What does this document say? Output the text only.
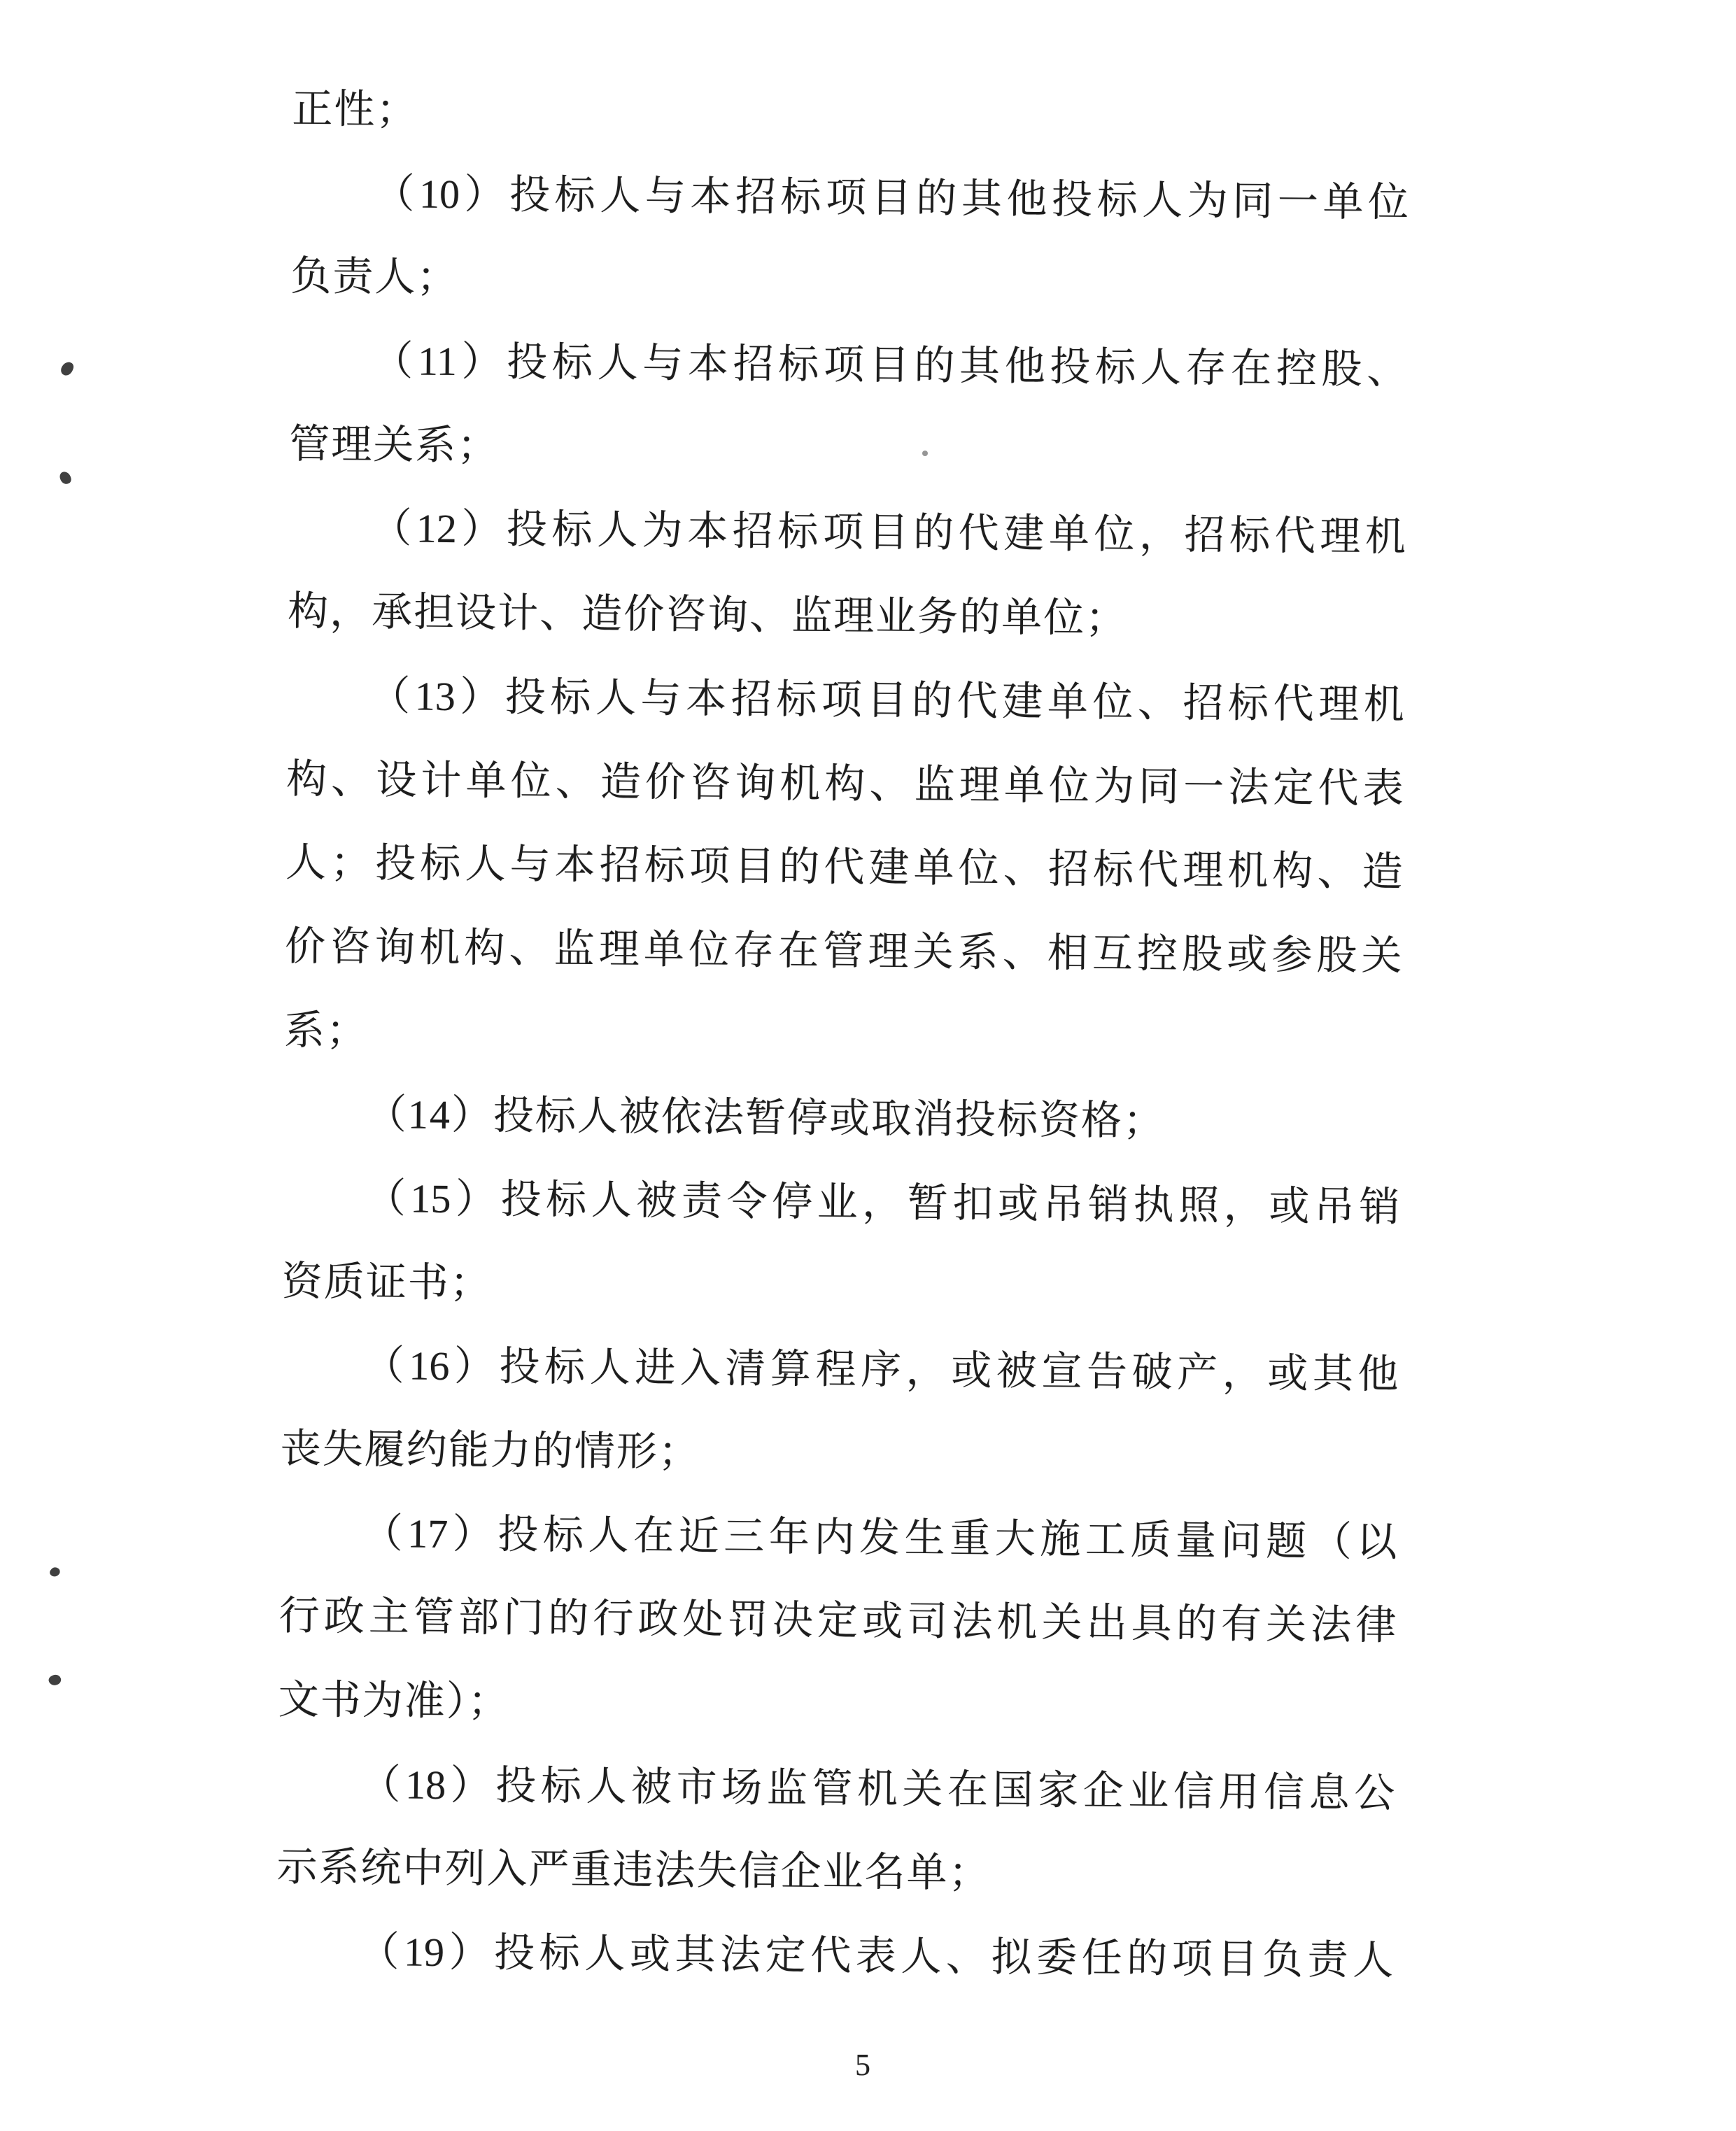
正性；
（ 10 ） 投 标 人 与 本 招 标 项 目 的 其 他 投 标 人 为 同 一 单 位
负责人；
（ 11 ） 投 标 人 与 本 招 标 项 目 的 其 他 投 标 人 存 在 控 股 、
管理关系；
（ 12 ） 投 标 人 为 本 招 标 项 目 的 代 建 单 位 ， 招 标 代 理 机
构，承担设计、造价咨询、监理业务的单位；
（ 13 ） 投 标 人 与 本 招 标 项 目 的 代 建 单 位 、 招 标 代 理 机
构 、 设 计 单 位 、 造 价 咨 询 机 构 、 监 理 单 位 为 同 一 法 定 代 表
人 ； 投 标 人 与 本 招 标 项 目 的 代 建 单 位 、 招 标 代 理 机 构 、 造
价 咨 询 机 构 、 监 理 单 位 存 在 管 理 关 系 、 相 互 控 股 或 参 股 关
系；
（14）投标人被依法暂停或取消投标资格；
（ 15 ） 投 标 人 被 责 令 停 业 ， 暂 扣 或 吊 销 执 照 ， 或 吊 销
资质证书；
（ 16 ） 投 标 人 进 入 清 算 程 序 ， 或 被 宣 告 破 产 ， 或 其 他
丧失履约能力的情形；
（ 17 ） 投 标 人 在 近 三 年 内 发 生 重 大 施 工 质 量 问 题 （ 以
行 政 主 管 部 门 的 行 政 处 罚 决 定 或 司 法 机 关 出 具 的 有 关 法 律
文书为准）；
（ 18 ） 投 标 人 被 市 场 监 管 机 关 在 国 家 企 业 信 用 信 息 公
示系统中列入严重违法失信企业名单；
（ 19 ） 投 标 人 或 其 法 定 代 表 人 、 拟 委 任 的 项 目 负 责 人
5
